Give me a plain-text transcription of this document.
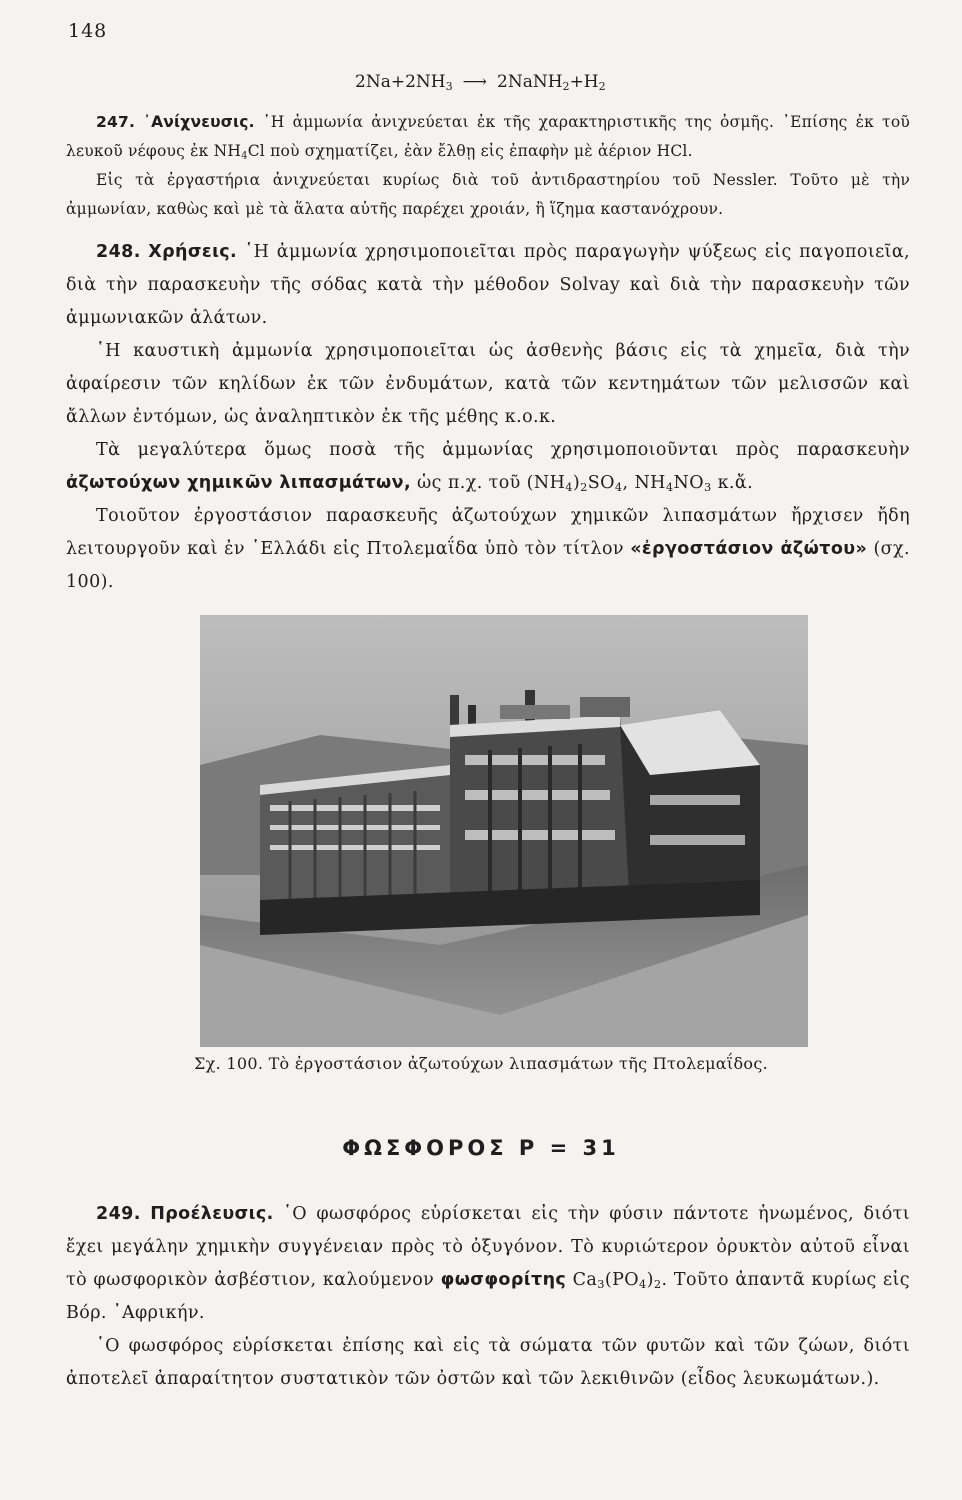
148
$2Na+2NH_3$ ⟶ $2NaNH_2+H_2$
247. ᾿Ανίχνευσις. ῾Η ἀμμωνία ἀνιχνεύεται ἐκ τῆς χαρακτηριστικῆς της ὀσμῆς. ᾿Επίσης ἐκ τοῦ λευκοῦ νέφους ἐκ $NH_4Cl$ ποὺ σχηματίζει, ἐὰν ἔλθῃ εἰς ἐπαφὴν μὲ ἀέριον HCl.
Εἰς τὰ ἐργαστήρια ἀνιχνεύεται κυρίως διὰ τοῦ ἀντιδραστηρίου τοῦ Nessler. Τοῦτο μὲ τὴν ἀμμωνίαν, καθὼς καὶ μὲ τὰ ἅλατα αὐτῆς παρέχει χροιάν, ἢ ἵζημα καστανόχρουν.
248. Χρήσεις. ῾Η ἀμμωνία χρησιμοποιεῖται πρὸς παραγωγὴν ψύξεως εἰς παγοποιεῖα, διὰ τὴν παρασκευὴν τῆς σόδας κατὰ τὴν μέθοδον Solvay καὶ διὰ τὴν παρασκευὴν τῶν ἀμμωνιακῶν ἀλάτων.
῾Η καυστικὴ ἀμμωνία χρησιμοποιεῖται ὡς ἀσθενὴς βάσις εἰς τὰ χημεῖα, διὰ τὴν ἀφαίρεσιν τῶν κηλίδων ἐκ τῶν ἐνδυμάτων, κατὰ τῶν κεντημάτων τῶν μελισσῶν καὶ ἄλλων ἐντόμων, ὡς ἀναληπτικὸν ἐκ τῆς μέθης κ.ο.κ.
Τὰ μεγαλύτερα ὅμως ποσὰ τῆς ἀμμωνίας χρησιμοποιοῦνται πρὸς παρασκευὴν ἀζωτούχων χημικῶν λιπασμάτων, ὡς π.χ. τοῦ $(NH_4)_2SO_4$, $NH_4NO_3$ κ.ἄ.
Τοιοῦτον ἐργοστάσιον παρασκευῆς ἀζωτούχων χημικῶν λιπασμάτων ἤρχισεν ἤδη λειτουργοῦν καὶ ἐν ῾Ελλάδι εἰς Πτολεμαΐδα ὑπὸ τὸν τίτλον «ἐργοστάσιον ἀζώτου» (σχ. 100).
Σχ. 100. Τὸ ἐργοστάσιον ἀζωτούχων λιπασμάτων τῆς Πτολεμαΐδος.
ΦΩΣΦΟΡΟΣ P = 31
249. Προέλευσις. ῾Ο φωσφόρος εὑρίσκεται εἰς τὴν φύσιν πάντοτε ἡνωμένος, διότι ἔχει μεγάλην χημικὴν συγγένειαν πρὸς τὸ ὀξυγόνον. Τὸ κυριώτερον ὀρυκτὸν αὐτοῦ εἶναι τὸ φωσφορικὸν ἀσβέστιον, καλούμενον φωσφορίτης $Ca_3(PO_4)_2$. Τοῦτο ἀπαντᾶ κυρίως εἰς Βόρ. ᾿Αφρικήν.
῾Ο φωσφόρος εὑρίσκεται ἐπίσης καὶ εἰς τὰ σώματα τῶν φυτῶν καὶ τῶν ζώων, διότι ἀποτελεῖ ἀπαραίτητον συστατικὸν τῶν ὀστῶν καὶ τῶν λεκιθινῶν (εἶδος λευκωμάτων.).
